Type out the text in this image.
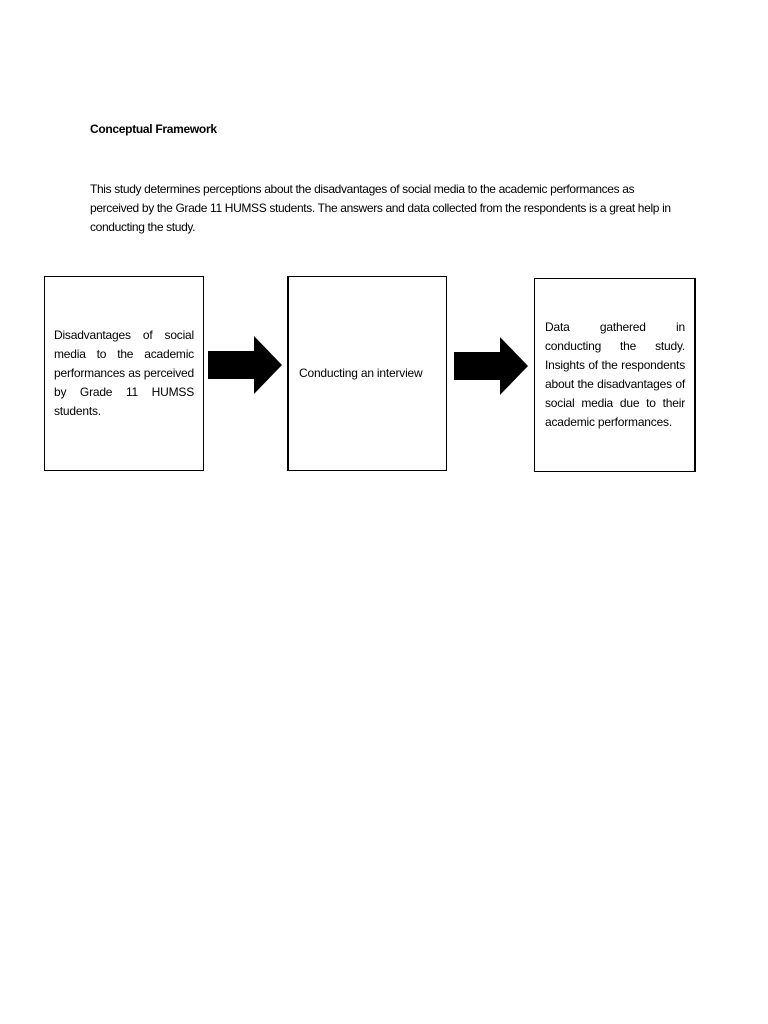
Conceptual Framework
This study determines perceptions about the disadvantages of social media to the academic performances as perceived by the Grade 11 HUMSS students. The answers and data collected from the respondents is a great help in conducting the study.
Disadvantages of social media to the academic performances as perceived by Grade 11 HUMSS students.
Conducting an interview
Data gathered in conducting the study. Insights of the respondents about the disadvantages of social media due to their academic performances.
